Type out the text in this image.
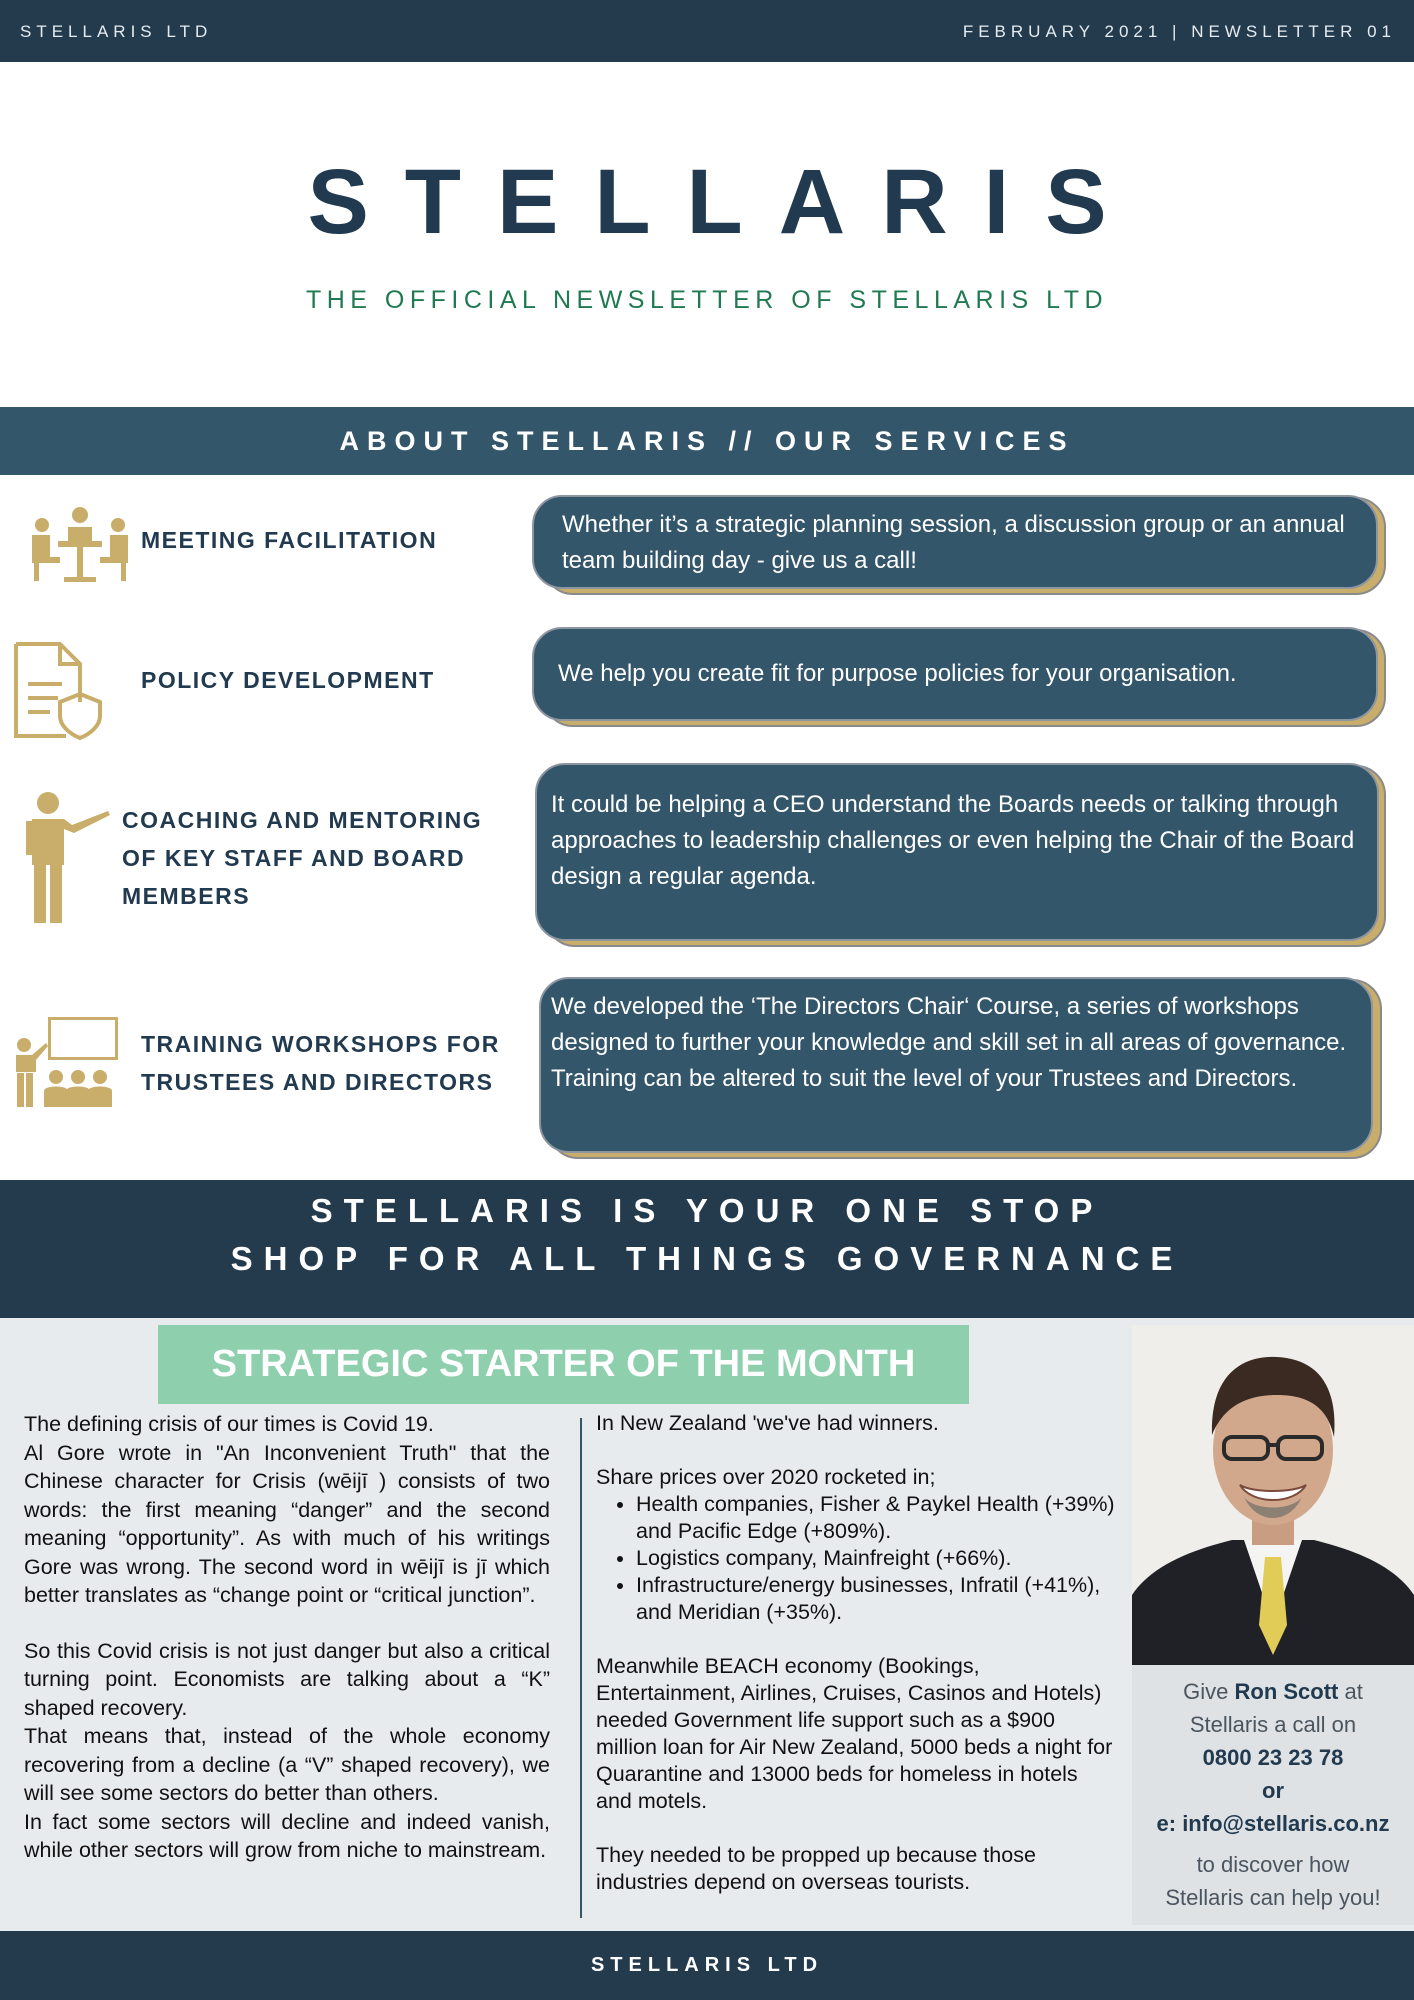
STELLARIS LTD	FEBRUARY 2021 | NEWSLETTER 01
STELLARIS
THE OFFICIAL NEWSLETTER OF STELLARIS LTD
ABOUT STELLARIS // OUR SERVICES
MEETING FACILITATION
Whether it’s a strategic planning session, a discussion group or an annual team building day - give us a call!
POLICY DEVELOPMENT	We help you create fit for purpose policies for your organisation.
COACHING AND MENTORING
OF KEY STAFF AND BOARD
MEMBERS
It could be helping a CEO understand the Boards needs or talking through approaches to leadership challenges or even helping the Chair of the Board design a regular agenda.
TRAINING WORKSHOPS FOR
TRUSTEES AND DIRECTORS
We developed the ‘The Directors Chair‘ Course, a series of workshops designed to further your knowledge and skill set in all areas of governance.
Training can be altered to suit the level of your Trustees and Directors.
STELLARIS IS YOUR ONE STOP
SHOP FOR ALL THINGS GOVERNANCE
STRATEGIC STARTER OF THE MONTH

The defining crisis of our times is Covid 19.

Al Gore wrote in "An Inconvenient Truth" that the Chinese character for Crisis (wēijī ) consists of two words: the first meaning “danger” and the second meaning “opportunity”. As with much of his writings Gore was wrong. The second word in wēijī is jī which better translates as “change point or “critical junction”.

So this Covid crisis is not just danger but also a critical turning point. Economists are talking about a “K” shaped recovery.

That means that, instead of the whole economy recovering from a decline (a “V” shaped recovery), we will see some sectors do better than others.

In fact some sectors will decline and indeed vanish, while other sectors will grow from niche to mainstream.

In New Zealand 'we've had winners.

Share prices over 2020 rocketed in;

• Health companies, Fisher & Paykel Health (+39%) and Pacific Edge (+809%).
• Logistics company, Mainfreight (+66%).
• Infrastructure/energy businesses, Infratil (+41%), and Meridian (+35%).

Meanwhile BEACH economy (Bookings, Entertainment, Airlines, Cruises, Casinos and Hotels) needed Government life support such as a $900 million loan for Air New Zealand, 5000 beds a night for Quarantine and 13000 beds for homeless in hotels and motels.

They needed to be propped up because those industries depend on overseas tourists.

Give Ron Scott at
Stellaris a call on
0800 23 23 78
or
e: info@stellaris.co.nz
to discover how
Stellaris can help you!
STELLARIS LTD
